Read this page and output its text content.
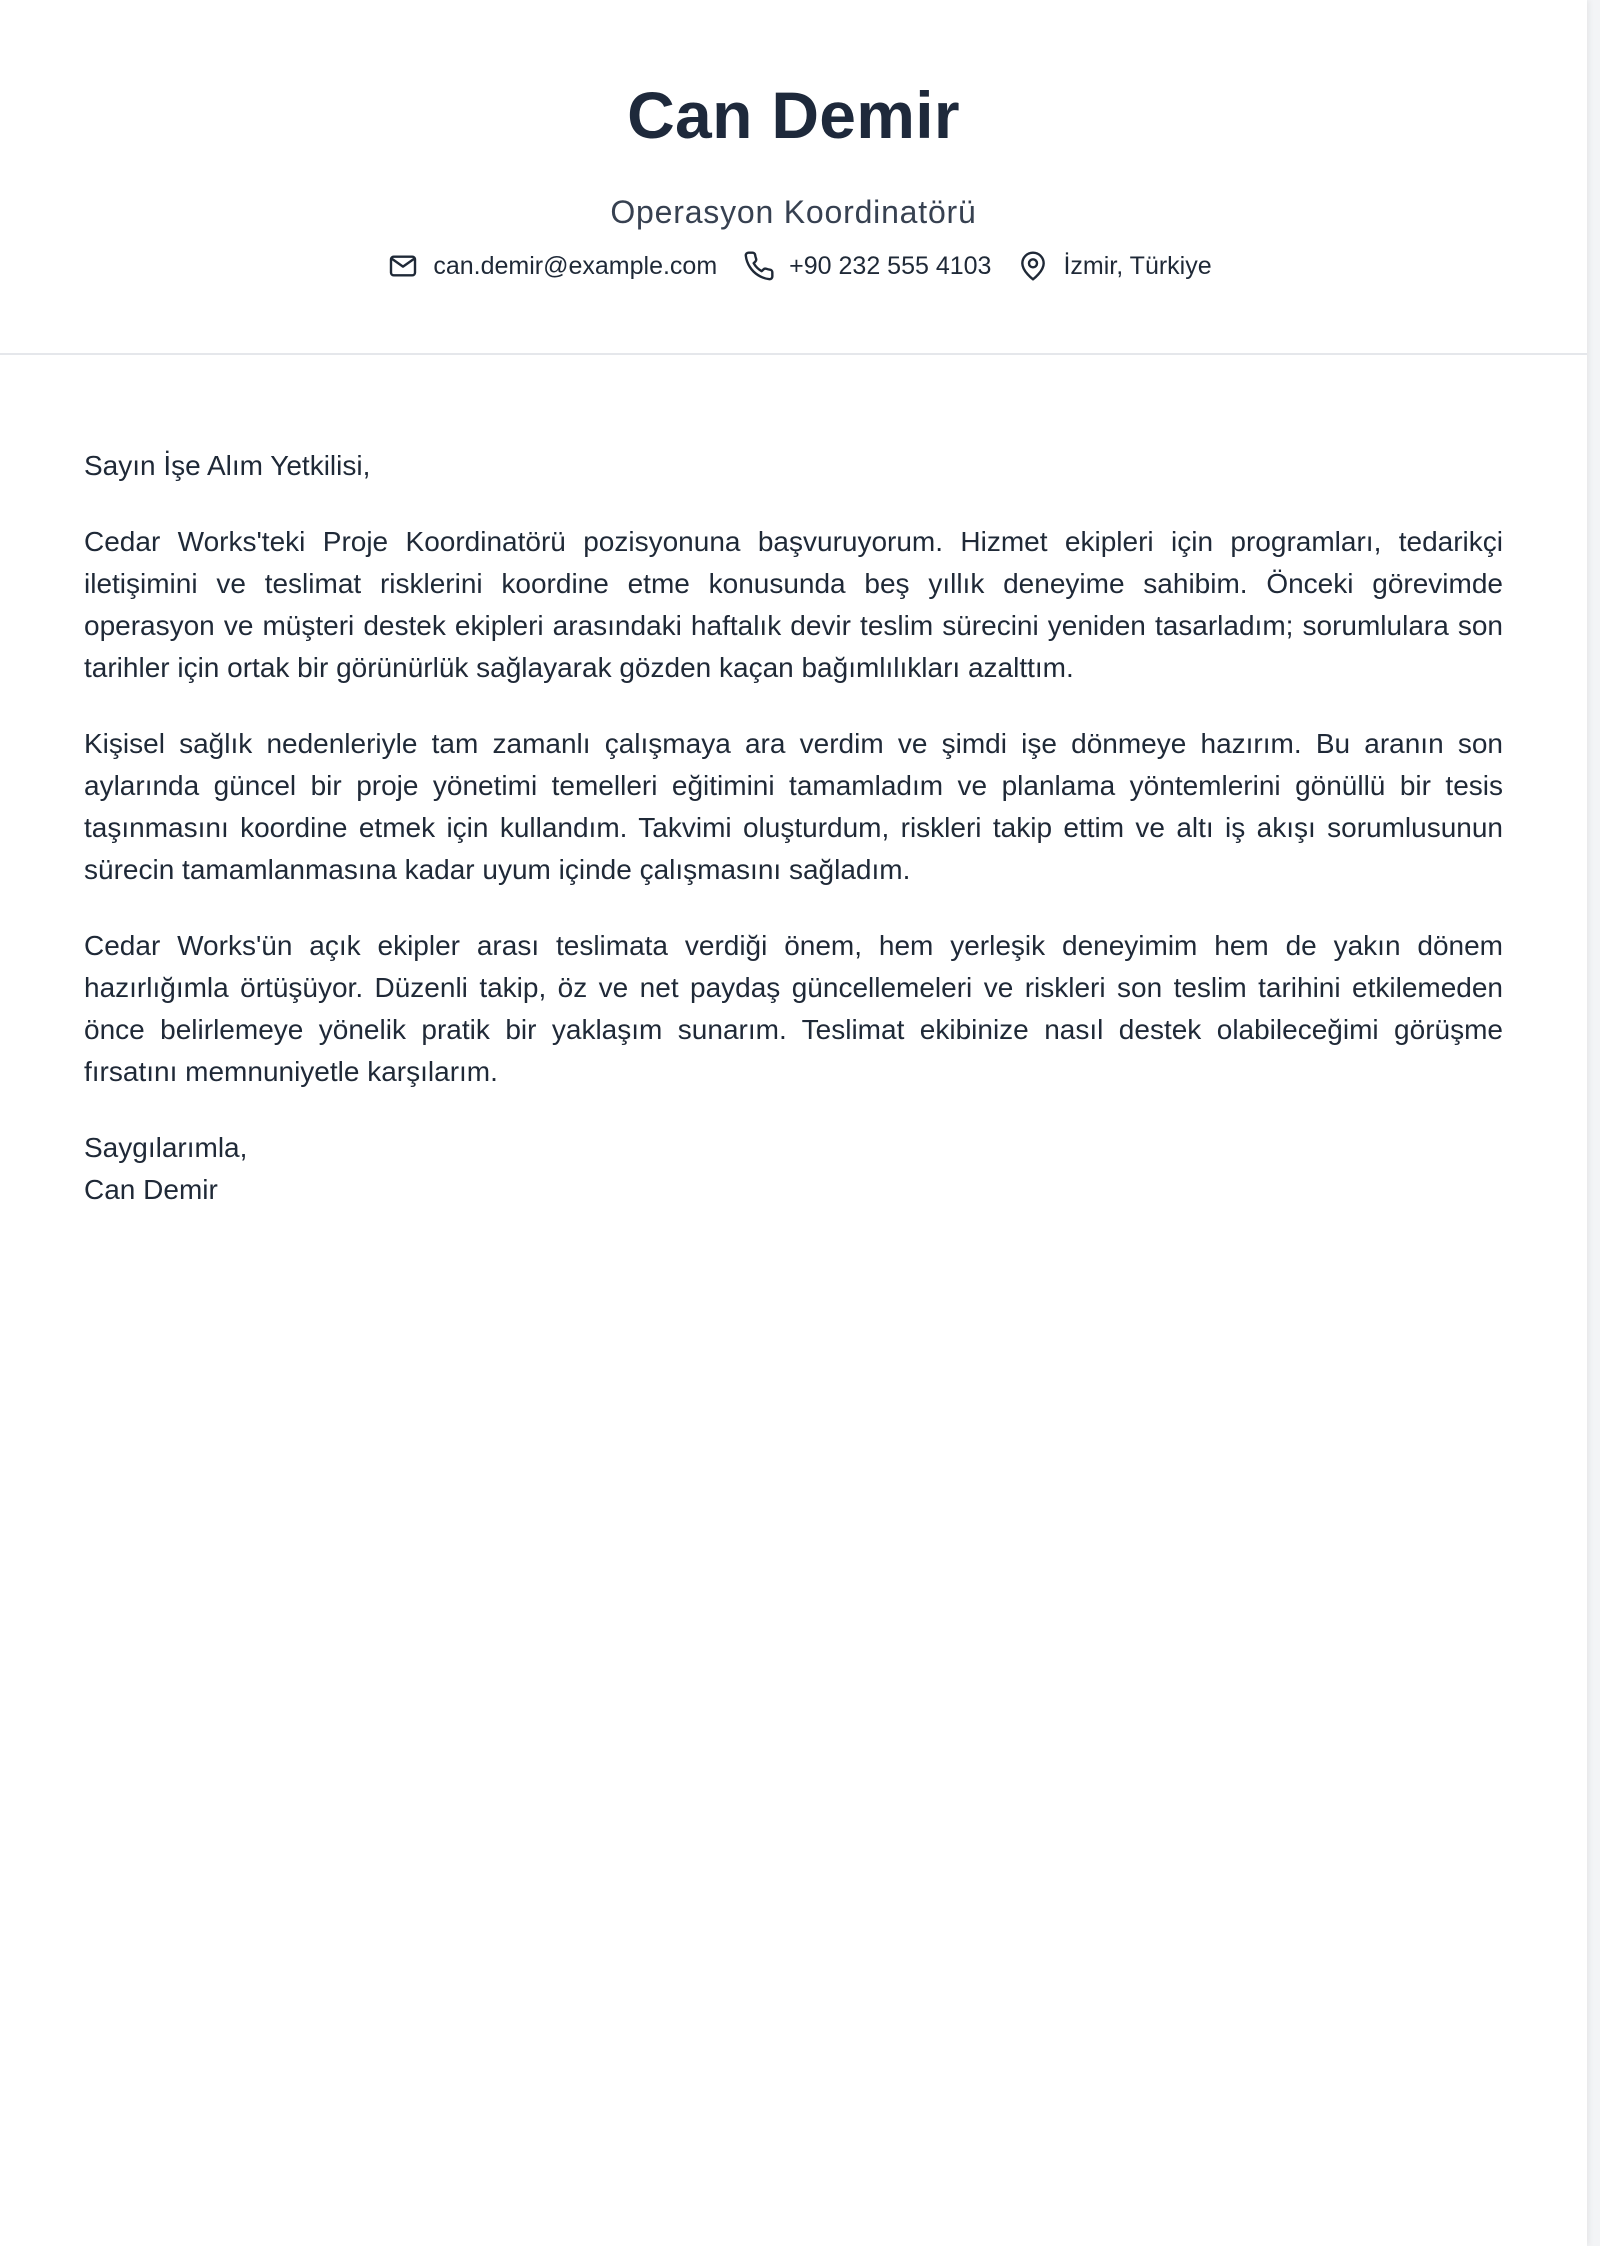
Can Demir
Operasyon Koordinatörü
can.demir@example.com	+90 232 555 4103	İzmir, Türkiye

Sayın İşe Alım Yetkilisi,

Cedar Works'teki Proje Koordinatörü pozisyonuna başvuruyorum. Hizmet ekipleri için programları, tedarikçi iletişimini ve teslimat risklerini koordine etme konusunda beş yıllık deneyime sahibim. Önceki görevimde operasyon ve müşteri destek ekipleri arasındaki haftalık devir teslim sürecini yeniden tasarladım; sorumlulara son tarihler için ortak bir görünürlük sağlayarak gözden kaçan bağımlılıkları azalttım.

Kişisel sağlık nedenleriyle tam zamanlı çalışmaya ara verdim ve şimdi işe dönmeye hazırım. Bu aranın son aylarında güncel bir proje yönetimi temelleri eğitimini tamamladım ve planlama yöntemlerini gönüllü bir tesis taşınmasını koordine etmek için kullandım. Takvimi oluşturdum, riskleri takip ettim ve altı iş akışı sorumlusunun sürecin tamamlanmasına kadar uyum içinde çalışmasını sağladım.

Cedar Works'ün açık ekipler arası teslimata verdiği önem, hem yerleşik deneyimim hem de yakın dönem hazırlığımla örtüşüyor. Düzenli takip, öz ve net paydaş güncellemeleri ve riskleri son teslim tarihini etkilemeden önce belirlemeye yönelik pratik bir yaklaşım sunarım. Teslimat ekibinize nasıl destek olabileceğimi görüşme fırsatını memnuniyetle karşılarım.

Saygılarımla,
Can Demir
